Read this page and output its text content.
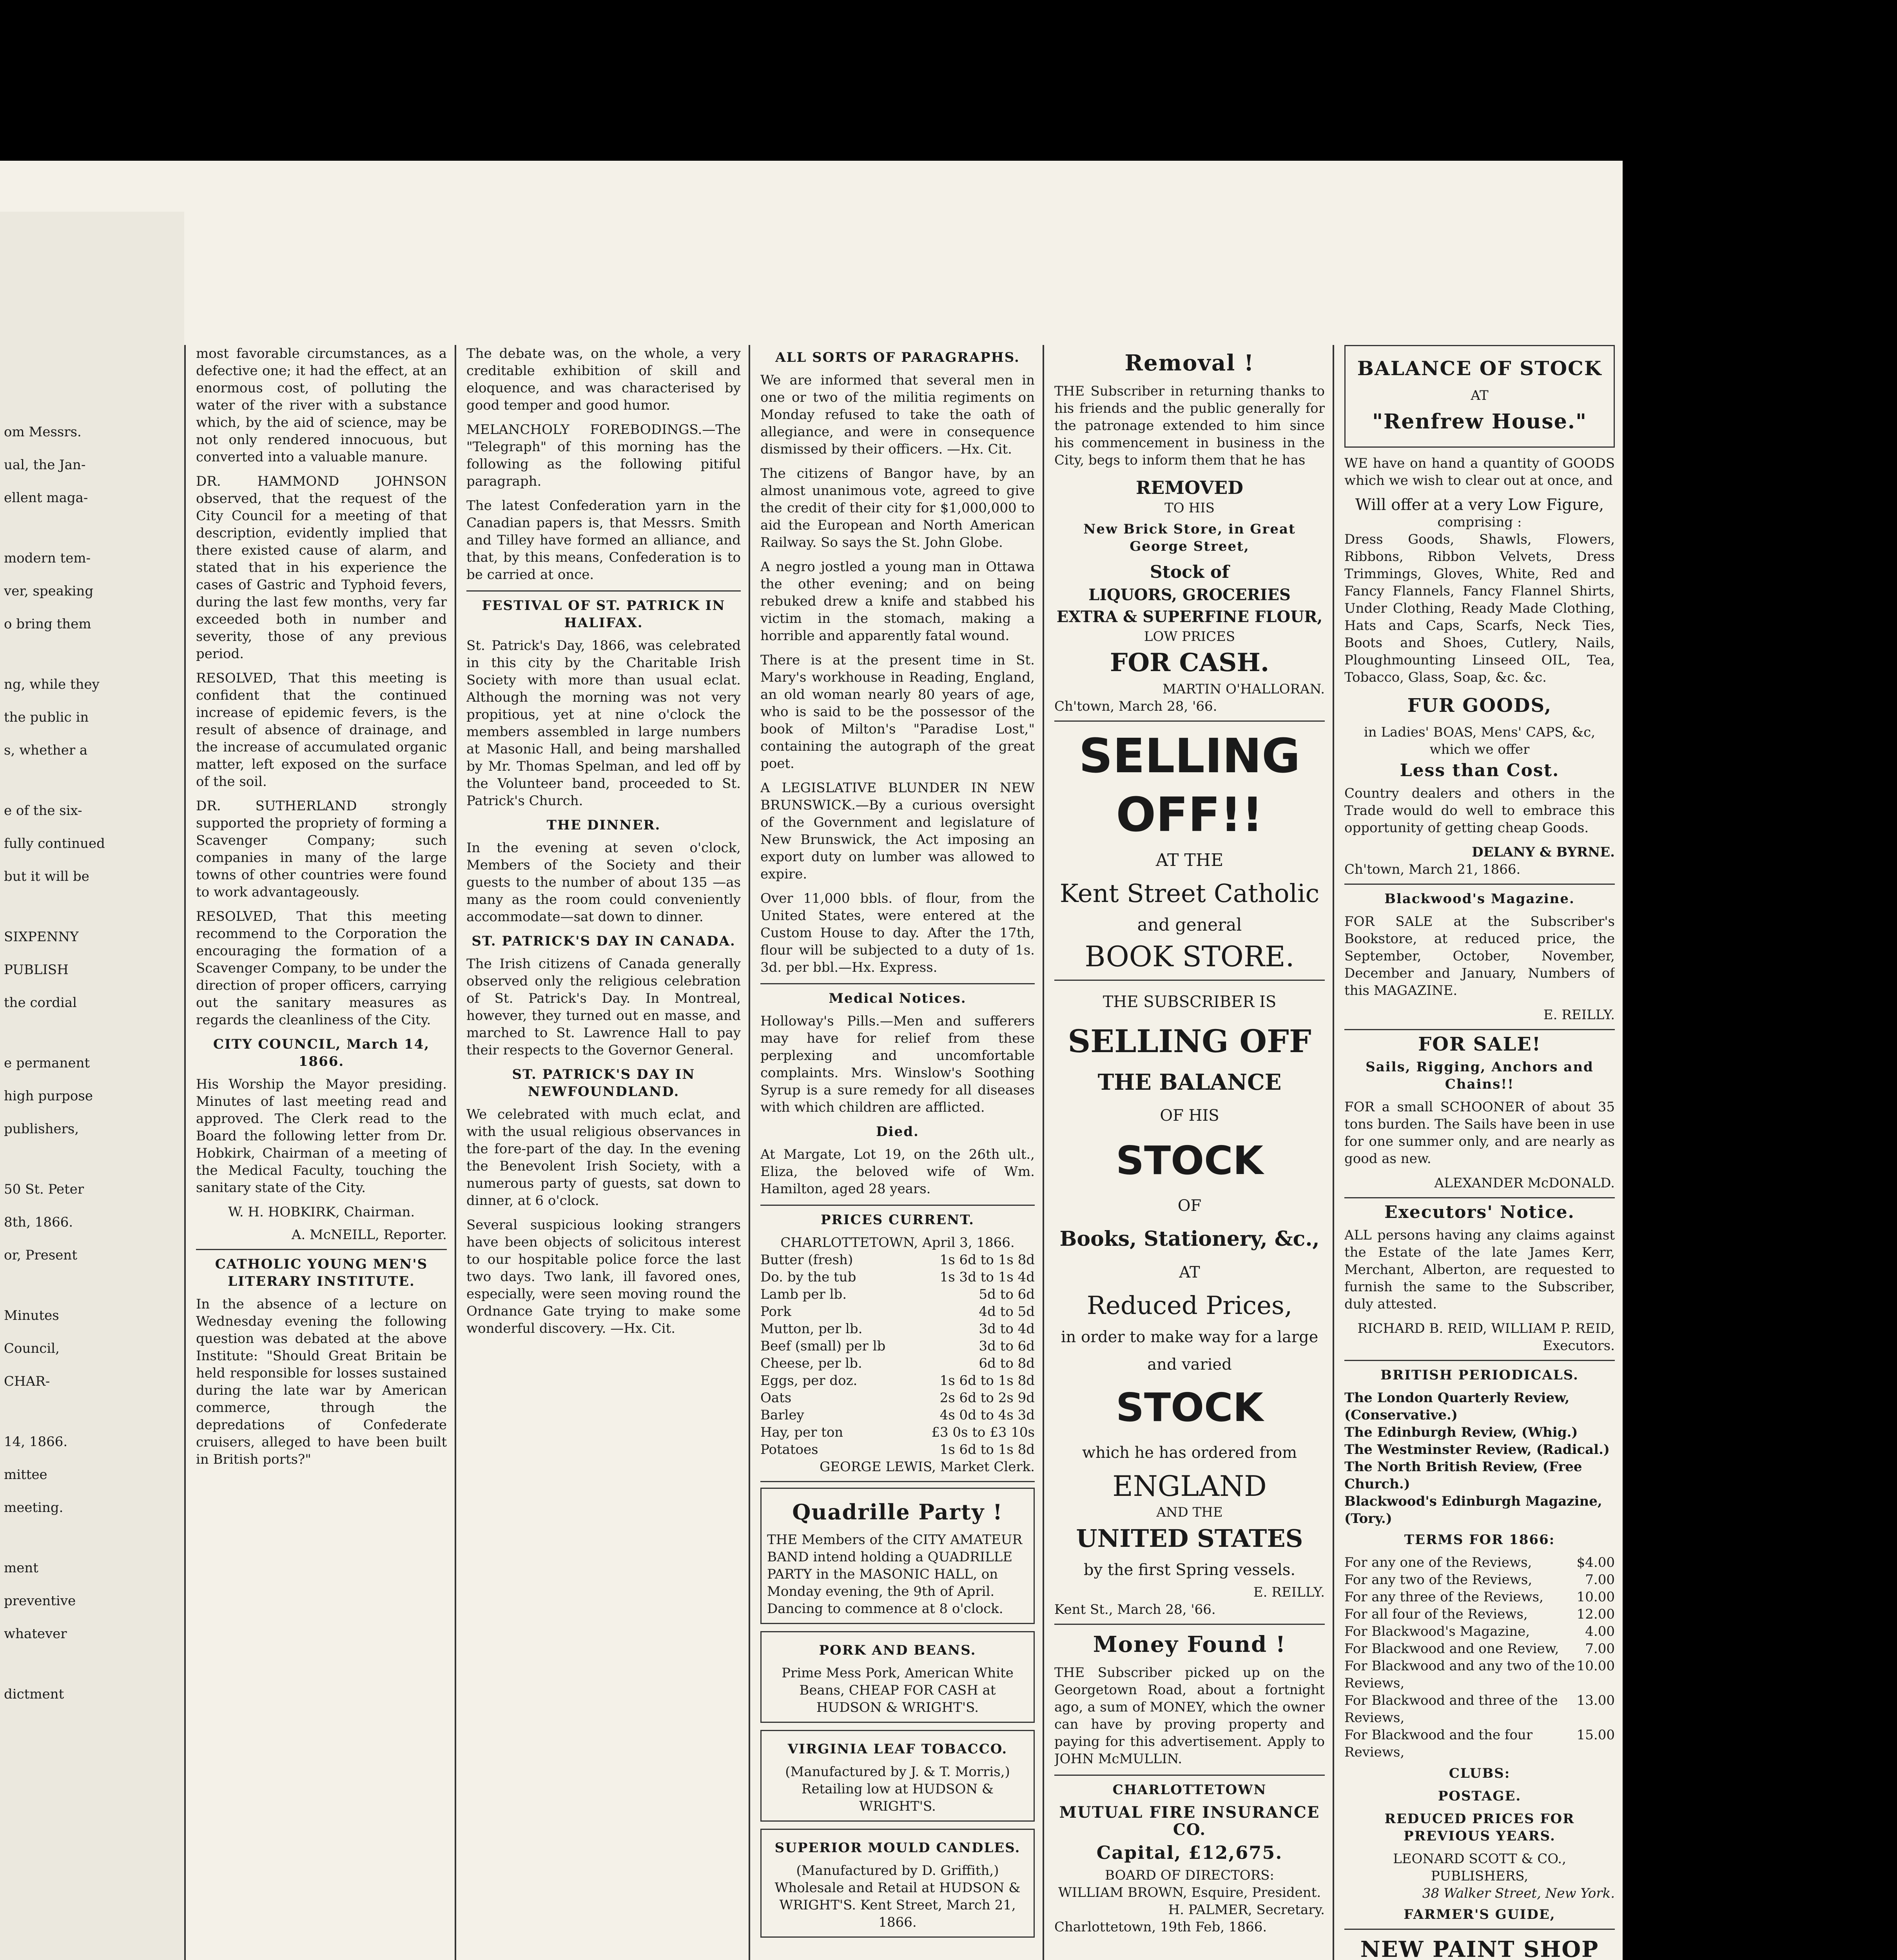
om Messrs.
ual, the Jan-
ellent maga-
modern tem-
ver, speaking
o bring them
ng, while they
the public in
s, whether a
e of the six-
fully continued
but it will be
SIXPENNY
PUBLISH
the cordial
e permanent
high purpose
publishers,
50 St. Peter
8th, 1866.
or, Present
Minutes
Council,
CHAR-
14, 1866.
mittee
meeting.
ment
preventive
whatever
dictment

most favorable circumstances, as a defective one; it had the effect, at an enormous cost, of polluting the water of the river with a substance which, by the aid of science, may be not only rendered innocuous, but converted into a valuable manure.

DR. HAMMOND JOHNSON observed, that the request of the City Council for a meeting of that description, evidently implied that there existed cause of alarm, and stated that in his experience the cases of Gastric and Typhoid fevers, during the last few months, very far exceeded both in number and severity, those of any previous period.

RESOLVED, That this meeting is confident that the continued increase of epidemic fevers, is the result of absence of drainage, and the increase of accumulated organic matter, left exposed on the surface of the soil.

DR. SUTHERLAND strongly supported the propriety of forming a Scavenger Company; such companies in many of the large towns of other countries were found to work advantageously.

RESOLVED, That this meeting recommend to the Corporation the encouraging the formation of a Scavenger Company, to be under the direction of proper officers, carrying out the sanitary measures as regards the cleanliness of the City.

CITY COUNCIL, March 14, 1866.

His Worship the Mayor presiding. Minutes of last meeting read and approved. The Clerk read to the Board the following letter from Dr. Hobkirk, Chairman of a meeting of the Medical Faculty, touching the sanitary state of the City.

W. H. HOBKIRK, Chairman.
A. McNEILL, Reporter.
CATHOLIC YOUNG MEN'S LITERARY INSTITUTE.

In the absence of a lecture on Wednesday evening the following question was debated at the above Institute: "Should Great Britain be held responsible for losses sustained during the late war by American commerce, through the depredations of Confederate cruisers, alleged to have been built in British ports?"

The debate was, on the whole, a very creditable exhibition of skill and eloquence, and was characterised by good temper and good humor.

MELANCHOLY FOREBODINGS.—The "Telegraph" of this morning has the following as the following pitiful paragraph.

The latest Confederation yarn in the Canadian papers is, that Messrs. Smith and Tilley have formed an alliance, and that, by this means, Confederation is to be carried at once.

FESTIVAL OF ST. PATRICK IN HALIFAX.

St. Patrick's Day, 1866, was celebrated in this city by the Charitable Irish Society with more than usual eclat. Although the morning was not very propitious, yet at nine o'clock the members assembled in large numbers at Masonic Hall, and being marshalled by Mr. Thomas Spelman, and led off by the Volunteer band, proceeded to St. Patrick's Church.

THE DINNER.

In the evening at seven o'clock, Members of the Society and their guests to the number of about 135 —as many as the room could conveniently accommodate—sat down to dinner.

ST. PATRICK'S DAY IN CANADA.

The Irish citizens of Canada generally observed only the religious celebration of St. Patrick's Day. In Montreal, however, they turned out en masse, and marched to St. Lawrence Hall to pay their respects to the Governor General.

ST. PATRICK'S DAY IN NEWFOUNDLAND.

We celebrated with much eclat, and with the usual religious observances in the fore-part of the day. In the evening the Benevolent Irish Society, with a numerous party of guests, sat down to dinner, at 6 o'clock.

Several suspicious looking strangers have been objects of solicitous interest to our hospitable police force the last two days. Two lank, ill favored ones, especially, were seen moving round the Ordnance Gate trying to make some wonderful discovery. —Hx. Cit.

ALL SORTS OF PARAGRAPHS.

We are informed that several men in one or two of the militia regiments on Monday refused to take the oath of allegiance, and were in consequence dismissed by their officers. —Hx. Cit.

The citizens of Bangor have, by an almost unanimous vote, agreed to give the credit of their city for $1,000,000 to aid the European and North American Railway. So says the St. John Globe.

A negro jostled a young man in Ottawa the other evening; and on being rebuked drew a knife and stabbed his victim in the stomach, making a horrible and apparently fatal wound.

There is at the present time in St. Mary's workhouse in Reading, England, an old woman nearly 80 years of age, who is said to be the possessor of the book of Milton's "Paradise Lost," containing the autograph of the great poet.

A LEGISLATIVE BLUNDER IN NEW BRUNSWICK.—By a curious oversight of the Government and legislature of New Brunswick, the Act imposing an export duty on lumber was allowed to expire.

Over 11,000 bbls. of flour, from the United States, were entered at the Custom House to day. After the 17th, flour will be subjected to a duty of 1s. 3d. per bbl.—Hx. Express.

Medical Notices.

Holloway's Pills.—Men and sufferers may have for relief from these perplexing and uncomfortable complaints. Mrs. Winslow's Soothing Syrup is a sure remedy for all diseases with which children are afflicted.

Died.

At Margate, Lot 19, on the 26th ult., Eliza, the beloved wife of Wm. Hamilton, aged 28 years.

PRICES CURRENT.
CHARLOTTETOWN, April 3, 1866.
Butter (fresh)	1s 6d to 1s 8d
Do. by the tub	1s 3d to 1s 4d
Lamb per lb.	5d to 6d
Pork	4d to 5d
Mutton, per lb.	3d to 4d
Beef (small) per lb	3d to 6d
Cheese, per lb.	6d to 8d
Eggs, per doz.	1s 6d to 1s 8d
Oats	2s 6d to 2s 9d
Barley	4s 0d to 4s 3d
Hay, per ton	£3 0s to £3 10s
Potatoes	1s 6d to 1s 8d
GEORGE LEWIS, Market Clerk.
Quadrille Party !
THE Members of the CITY AMATEUR BAND intend holding a QUADRILLE PARTY in the MASONIC HALL, on Monday evening, the 9th of April. Dancing to commence at 8 o'clock.
PORK AND BEANS.
Prime Mess Pork, American White Beans, CHEAP FOR CASH at HUDSON & WRIGHT'S.
VIRGINIA LEAF TOBACCO.
(Manufactured by J. & T. Morris,) Retailing low at HUDSON & WRIGHT'S.
SUPERIOR MOULD CANDLES.
(Manufactured by D. Griffith,) Wholesale and Retail at HUDSON & WRIGHT'S. Kent Street, March 21, 1866.
Removal !

THE Subscriber in returning thanks to his friends and the public generally for the patronage extended to him since his commencement in business in the City, begs to inform them that he has

REMOVED
TO HIS
New Brick Store, in Great George Street,
Stock of
LIQUORS, GROCERIES
EXTRA & SUPERFINE FLOUR,
LOW PRICES
FOR CASH.
MARTIN O'HALLORAN.
Ch'town, March 28, '66.
SELLING OFF!!
AT THE
Kent Street Catholic
and general
BOOK STORE.
THE SUBSCRIBER IS
SELLING OFF
THE BALANCE
OF HIS
STOCK
OF
Books, Stationery, &c.,
AT
Reduced Prices,
in order to make way for a large
and varied
STOCK
which he has ordered from
ENGLAND
AND THE
UNITED STATES
by the first Spring vessels.
E. REILLY.
Kent St., March 28, '66.
Money Found !

THE Subscriber picked up on the Georgetown Road, about a fortnight ago, a sum of MONEY, which the owner can have by proving property and paying for this advertisement. Apply to JOHN McMULLIN.

CHARLOTTETOWN
MUTUAL FIRE INSURANCE CO.
Capital, £12,675.
BOARD OF DIRECTORS:
WILLIAM BROWN, Esquire, President.
H. PALMER, Secretary.
Charlottetown, 19th Feb, 1866.
BALANCE OF STOCK
AT
"Renfrew House."

WE have on hand a quantity of GOODS which we wish to clear out at once, and

Will offer at a very Low Figure,
comprising :

Dress Goods, Shawls, Flowers, Ribbons, Ribbon Velvets, Dress Trimmings, Gloves, White, Red and Fancy Flannels, Fancy Flannel Shirts, Under Clothing, Ready Made Clothing, Hats and Caps, Scarfs, Neck Ties, Boots and Shoes, Cutlery, Nails, Ploughmounting Linseed OIL, Tea, Tobacco, Glass, Soap, &c. &c.

FUR GOODS,
in Ladies' BOAS, Mens' CAPS, &c, which we offer
Less than Cost.

Country dealers and others in the Trade would do well to embrace this opportunity of getting cheap Goods.

DELANY & BYRNE.
Ch'town, March 21, 1866.
Blackwood's Magazine.

FOR SALE at the Subscriber's Bookstore, at reduced price, the September, October, November, December and January, Numbers of this MAGAZINE.

E. REILLY.
FOR SALE!
Sails, Rigging, Anchors and Chains!!

FOR a small SCHOONER of about 35 tons burden. The Sails have been in use for one summer only, and are nearly as good as new.

ALEXANDER McDONALD.
Executors' Notice.

ALL persons having any claims against the Estate of the late James Kerr, Merchant, Alberton, are requested to furnish the same to the Subscriber, duly attested.

RICHARD B. REID, WILLIAM P. REID, Executors.
BRITISH PERIODICALS.
The London Quarterly Review, (Conservative.)
The Edinburgh Review, (Whig.)
The Westminster Review, (Radical.)
The North British Review, (Free Church.)
Blackwood's Edinburgh Magazine, (Tory.)
TERMS FOR 1866:
For any one of the Reviews,	$4.00
For any two of the Reviews,	7.00
For any three of the Reviews, 10.00
For all four of the Reviews,	12.00
For Blackwood's Magazine,	4.00
For Blackwood and one Review, 7.00
For Blackwood and any two of the Reviews,
10.00
For Blackwood and three of the Reviews,
13.00
For Blackwood and the four Reviews,
15.00
CLUBS:
POSTAGE.
REDUCED PRICES FOR PREVIOUS YEARS.
LEONARD SCOTT & CO., PUBLISHERS,
38 Walker Street, New York.
FARMER'S GUIDE,
NEW PAINT SHOP
